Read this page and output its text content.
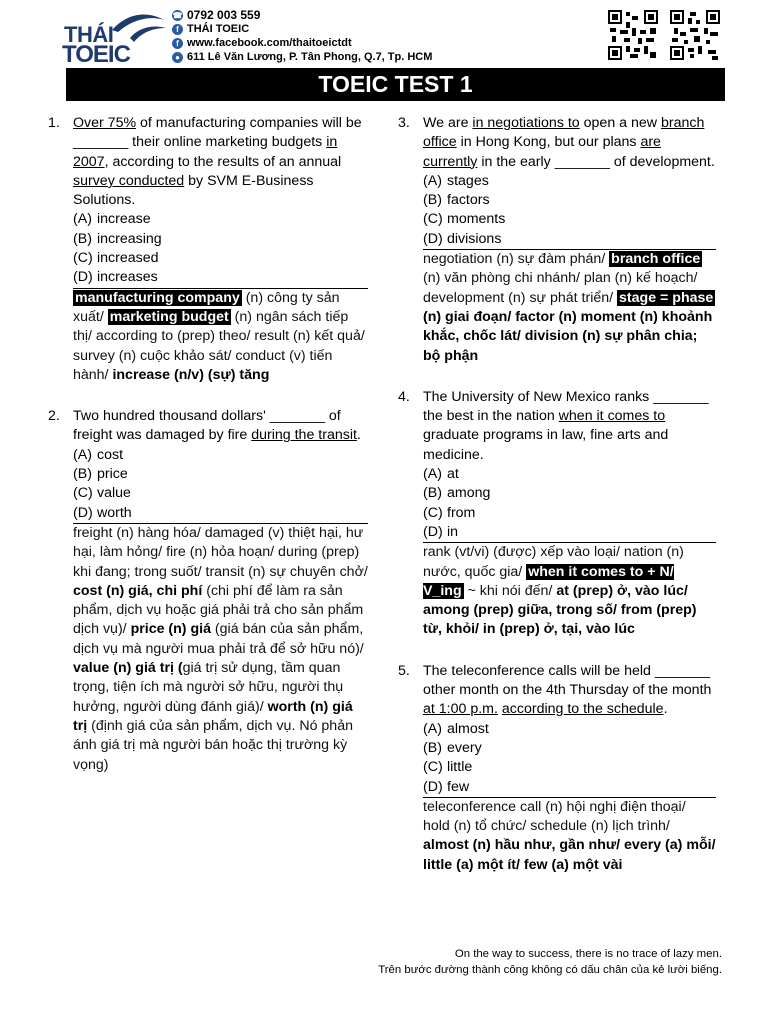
THÁI
TOEIC
☎ 0792 003 559
f THÁI TOEIC
f www.facebook.com/thaitoeictdt
● 611 Lê Văn Lương, P. Tân Phong, Q.7, Tp. HCM
TOEIC TEST 1
1. Over 75% of manufacturing companies will be _______ their online marketing budgets in 2007, according to the results of an annual survey conducted by SVM E-Business Solutions.
(A) increase
(B) increasing
(C) increased
(D) increases
manufacturing company (n) công ty sản xuất/ marketing budget (n) ngân sách tiếp thị/ according to (prep) theo/ result (n) kết quả/ survey (n) cuộc khảo sát/ conduct (v) tiến hành/ increase (n/v) (sự) tăng
2. Two hundred thousand dollars' _______ of freight was damaged by fire during the transit.
(A) cost
(B) price
(C) value
(D) worth
freight (n) hàng hóa/ damaged (v) thiệt hại, hư hại, làm hỏng/ fire (n) hỏa hoạn/ during (prep) khi đang; trong suốt/ transit (n) sự chuyên chở/ cost (n) giá, chi phí (chi phí để làm ra sản phẩm, dịch vụ hoặc giá phải trả cho sản phẩm dịch vụ)/ price (n) giá (giá bán của sản phẩm, dịch vụ mà người mua phải trả để sở hữu nó)/ value (n) giá trị (giá trị sử dụng, tầm quan trọng, tiện ích mà người sở hữu, người thụ hưởng, người dùng đánh giá)/ worth (n) giá trị (định giá của sản phẩm, dịch vụ. Nó phản ánh giá trị mà người bán hoặc thị trường kỳ vọng)
3. We are in negotiations to open a new branch office in Hong Kong, but our plans are currently in the early _______ of development.
(A) stages
(B) factors
(C) moments
(D) divisions
negotiation (n) sự đàm phán/ branch office (n) văn phòng chi nhánh/ plan (n) kế hoạch/ development (n) sự phát triển/ stage = phase (n) giai đoạn/ factor (n) moment (n) khoảnh khắc, chốc lát/ division (n) sự phân chia; bộ phận
4. The University of New Mexico ranks _______ the best in the nation when it comes to graduate programs in law, fine arts and medicine.
(A) at
(B) among
(C) from
(D) in
rank (vt/vi) (được) xếp vào loại/ nation (n) nước, quốc gia/ when it comes to + N/ V_ing ~ khi nói đến/ at (prep) ở, vào lúc/ among (prep) giữa, trong số/ from (prep) từ, khỏi/ in (prep) ở, tại, vào lúc
5. The teleconference calls will be held _______ other month on the 4th Thursday of the month at 1:00 p.m. according to the schedule.
(A) almost
(B) every
(C) little
(D) few
teleconference call (n) hội nghị điện thoại/ hold (n) tổ chức/ schedule (n) lịch trình/ almost (n) hầu như, gần như/ every (a) mỗi/ little (a) một ít/ few (a) một vài
On the way to success, there is no trace of lazy men.
Trên bước đường thành công không có dấu chân của kẻ lười biếng.
